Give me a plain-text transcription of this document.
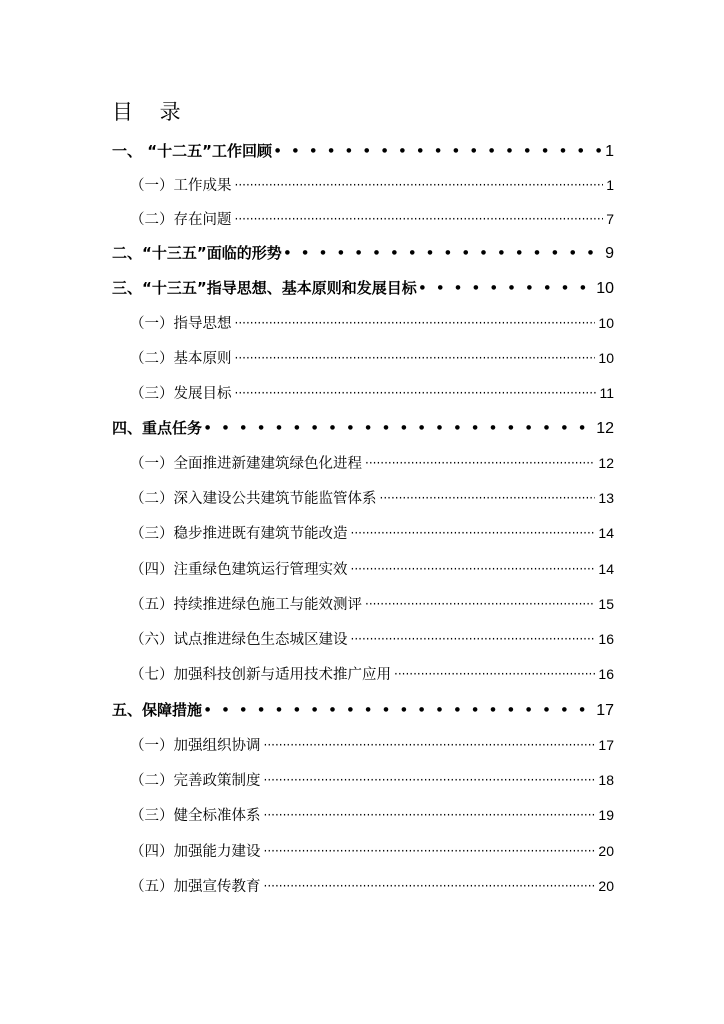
目 录
一、 “十二五”工作回顾 ●●●●●●●●●●●●●●●●●●●●●●●●●●●●●●●●●●●●●●●●●●●●●●●●●●●●●●●●●●●●●●●●●●●●	1
（一）工作成果 ·····	1
（二）存在问题 ·····	7
二、“十三五”面临的形势 ●●●●●●●●●●●●●●●●●●●●●●●●●●●●●●●●●●●●●●●●●●●●●●●●●●●●●●●●●●●●●●●●●●●●	9
三、“十三五”指导思想、基本原则和发展目标 ●●●●●●●●●●●●●●●●●●●●●●●●●●●●●●●●●●●●●●●●●●●●●●●●●●●●●●●●●●●●●●●●●●●●	10
（一）指导思想 ·····	10
（二）基本原则 ·····	10
（三）发展目标 ·····	11
四、重点任务 ●●●●●●●●●●●●●●●●●●●●●●●●●●●●●●●●●●●●●●●●●●●●●●●●●●●●●●●●●●●●●●●●●●●●	12
（一）全面推进新建建筑绿色化进程 ·····	12
（二）深入建设公共建筑节能监管体系 ·····	13
（三）稳步推进既有建筑节能改造 ·····	14
（四）注重绿色建筑运行管理实效 ·····	14
（五）持续推进绿色施工与能效测评 ·····	15
（六）试点推进绿色生态城区建设 ·····	16
（七）加强科技创新与适用技术推广应用 ·····	16
五、保障措施 ●●●●●●●●●●●●●●●●●●●●●●●●●●●●●●●●●●●●●●●●●●●●●●●●●●●●●●●●●●●●●●●●●●●●	17
（一）加强组织协调 ·····	17
（二）完善政策制度 ·····	18
（三）健全标准体系 ·····	19
（四）加强能力建设 ·····	20
（五）加强宣传教育 ·····	20
